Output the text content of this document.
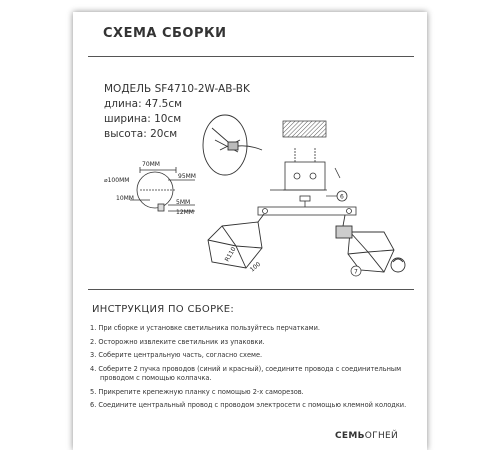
СХЕМА СБОРКИ
МОДЕЛЬ SF4710-2W-AB-BK
длина: 47.5см
ширина: 10см
высота: 20см
70MM
⌀100MM
95MM
10MM
5MM
12MM
6
R110
100	7
ИНСТРУКЦИЯ ПО СБОРКЕ:
1. При сборке и установке светильника пользуйтесь перчатками.
2. Осторожно извлеките светильник из упаковки.
3. Соберите центральную часть, согласно схеме.
4. Соберите 2 пучка проводов (синий и красный), соедините провода с соединительным
проводом с помощью колпачка.
5. Прикрепите крепежную планку с помощью 2-х саморезов.
6. Соедините центральный провод с проводом электросети с помощью клемной колодки.
СЕМЬОГНЕЙ
